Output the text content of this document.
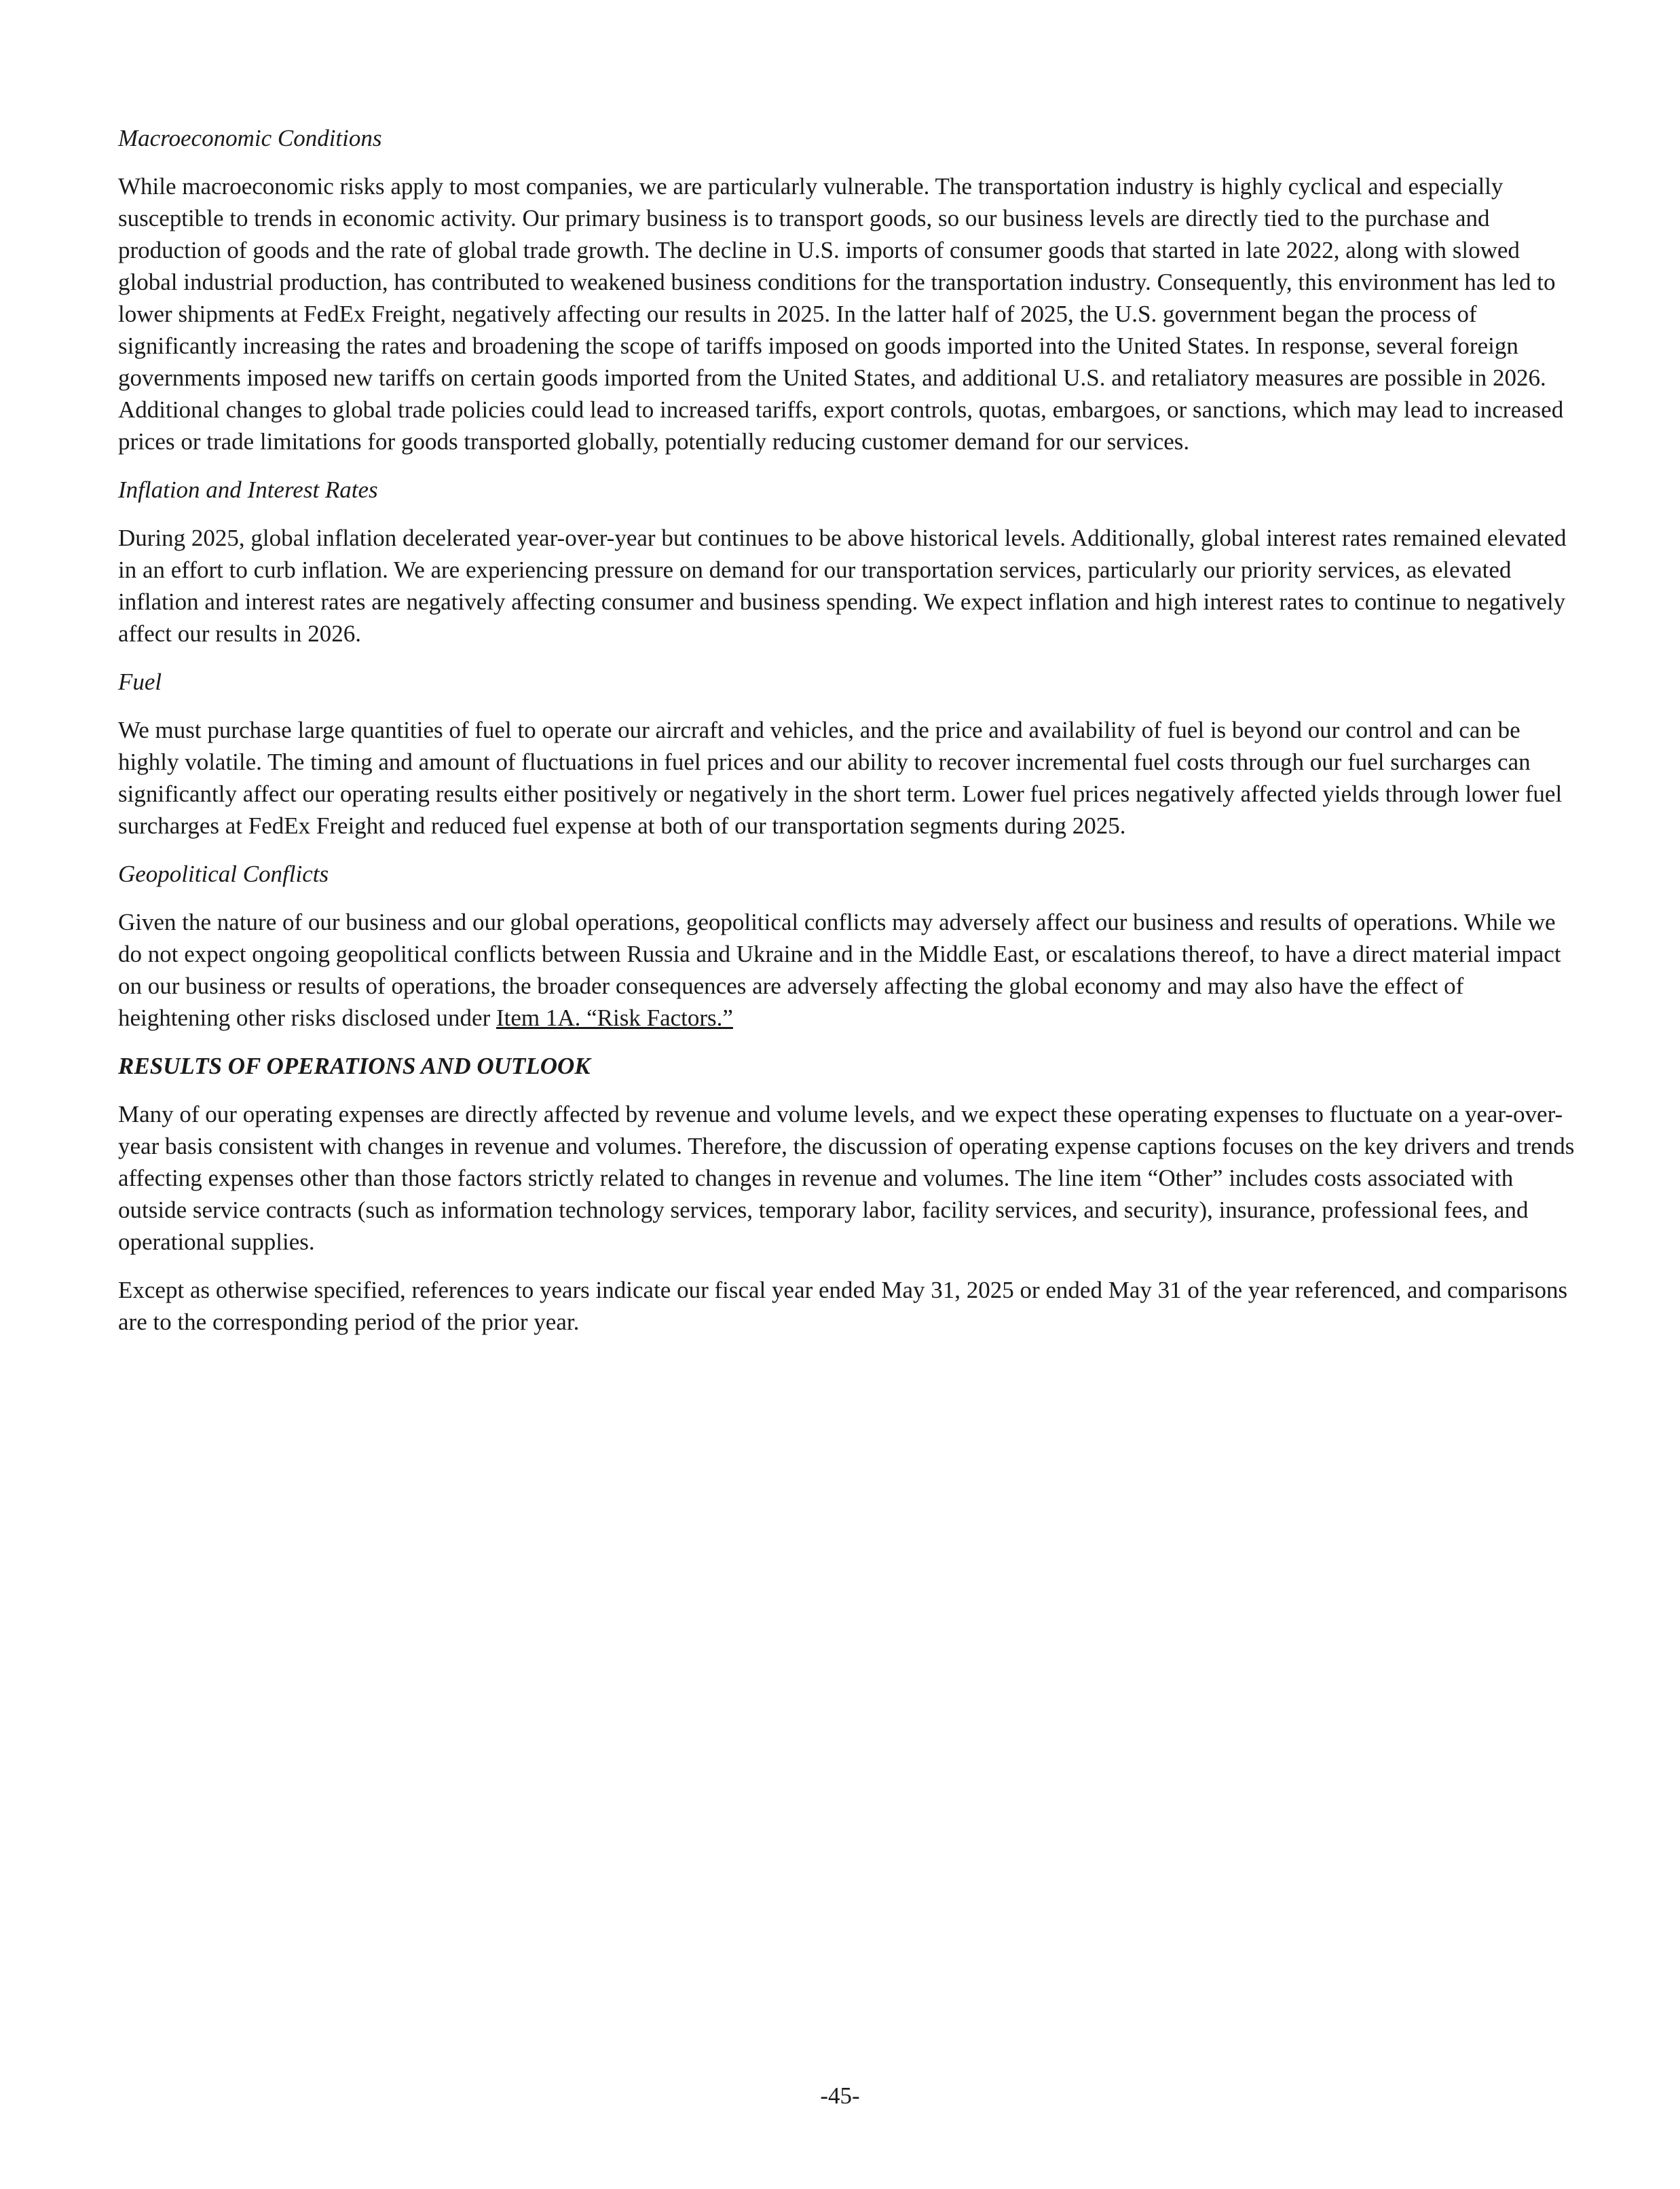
Macroeconomic Conditions

While macroeconomic risks apply to most companies, we are particularly vulnerable. The transportation industry is highly cyclical and especially susceptible to trends in economic activity. Our primary business is to transport goods, so our business levels are directly tied to the purchase and production of goods and the rate of global trade growth. The decline in U.S. imports of consumer goods that started in late 2022, along with slowed global industrial production, has contributed to weakened business conditions for the transportation industry. Consequently, this environment has led to lower shipments at FedEx Freight, negatively affecting our results in 2025. In the latter half of 2025, the U.S. government began the process of significantly increasing the rates and broadening the scope of tariffs imposed on goods imported into the United States. In response, several foreign governments imposed new tariffs on certain goods imported from the United States, and additional U.S. and retaliatory measures are possible in 2026. Additional changes to global trade policies could lead to increased tariffs, export controls, quotas, embargoes, or sanctions, which may lead to increased prices or trade limitations for goods transported globally, potentially reducing customer demand for our services.

Inflation and Interest Rates

During 2025, global inflation decelerated year-over-year but continues to be above historical levels. Additionally, global interest rates remained elevated in an effort to curb inflation. We are experiencing pressure on demand for our transportation services, particularly our priority services, as elevated inflation and interest rates are negatively affecting consumer and business spending. We expect inflation and high interest rates to continue to negatively affect our results in 2026.

Fuel

We must purchase large quantities of fuel to operate our aircraft and vehicles, and the price and availability of fuel is beyond our control and can be highly volatile. The timing and amount of fluctuations in fuel prices and our ability to recover incremental fuel costs through our fuel surcharges can significantly affect our operating results either positively or negatively in the short term. Lower fuel prices negatively affected yields through lower fuel surcharges at FedEx Freight and reduced fuel expense at both of our transportation segments during 2025.

Geopolitical Conflicts

Given the nature of our business and our global operations, geopolitical conflicts may adversely affect our business and results of operations. While we do not expect ongoing geopolitical conflicts between Russia and Ukraine and in the Middle East, or escalations thereof, to have a direct material impact on our business or results of operations, the broader consequences are adversely affecting the global economy and may also have the effect of heightening other risks disclosed under Item 1A. “Risk Factors.”

RESULTS OF OPERATIONS AND OUTLOOK

Many of our operating expenses are directly affected by revenue and volume levels, and we expect these operating expenses to fluctuate on a year-over-year basis consistent with changes in revenue and volumes. Therefore, the discussion of operating expense captions focuses on the key drivers and trends affecting expenses other than those factors strictly related to changes in revenue and volumes. The line item “Other” includes costs associated with outside service contracts (such as information technology services, temporary labor, facility services, and security), insurance, professional fees, and operational supplies.

Except as otherwise specified, references to years indicate our fiscal year ended May 31, 2025 or ended May 31 of the year referenced, and comparisons are to the corresponding period of the prior year.

-45-
